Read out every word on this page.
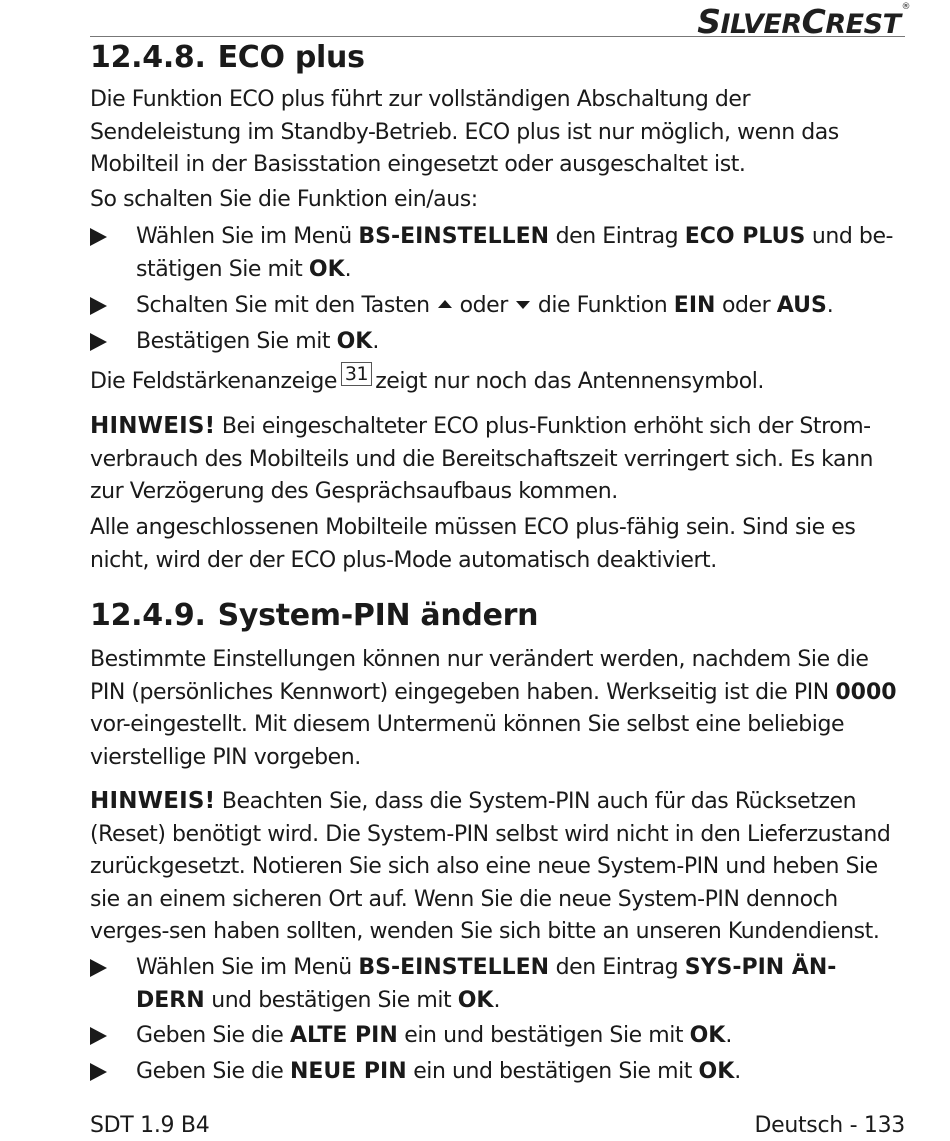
SILVERCREST®
12.4.8. ECO plus

Die Funktion ECO plus führt zur vollständigen Abschaltung der Sendeleistung im Standby-Betrieb. ECO plus ist nur möglich, wenn das Mobilteil in der Basisstation eingesetzt oder ausgeschaltet ist.

So schalten Sie die Funktion ein/aus:

Wählen Sie im Menü BS-EINSTELLEN den Eintrag ECO PLUS und be-
stätigen Sie mit OK.
Schalten Sie mit den Tasten oder die Funktion EIN oder AUS.
Bestätigen Sie mit OK.

Die Feldstärkenanzeige 31 zeigt nur noch das Antennensymbol.

HINWEIS! Bei eingeschalteter ECO plus-Funktion erhöht sich der Strom-verbrauch des Mobilteils und die Bereitschaftszeit verringert sich. Es kann zur Verzögerung des Gesprächsaufbaus kommen.

Alle angeschlossenen Mobilteile müssen ECO plus-fähig sein. Sind sie es nicht, wird der der ECO plus-Mode automatisch deaktiviert.

12.4.9. System-PIN ändern

Bestimmte Einstellungen können nur verändert werden, nachdem Sie die PIN (persönliches Kennwort) eingegeben haben. Werkseitig ist die PIN 0000 vor-eingestellt. Mit diesem Untermenü können Sie selbst eine beliebige vierstellige PIN vorgeben.

HINWEIS! Beachten Sie, dass die System-PIN auch für das Rücksetzen (Reset) benötigt wird. Die System-PIN selbst wird nicht in den Lieferzustand zurückgesetzt. Notieren Sie sich also eine neue System-PIN und heben Sie sie an einem sicheren Ort auf. Wenn Sie die neue System-PIN dennoch verges-sen haben sollten, wenden Sie sich bitte an unseren Kundendienst.

Wählen Sie im Menü BS-EINSTELLEN den Eintrag SYS-PIN ÄN-
DERN und bestätigen Sie mit OK.
Geben Sie die ALTE PIN ein und bestätigen Sie mit OK.
Geben Sie die NEUE PIN ein und bestätigen Sie mit OK.
SDT 1.9 B4	Deutsch - 133
